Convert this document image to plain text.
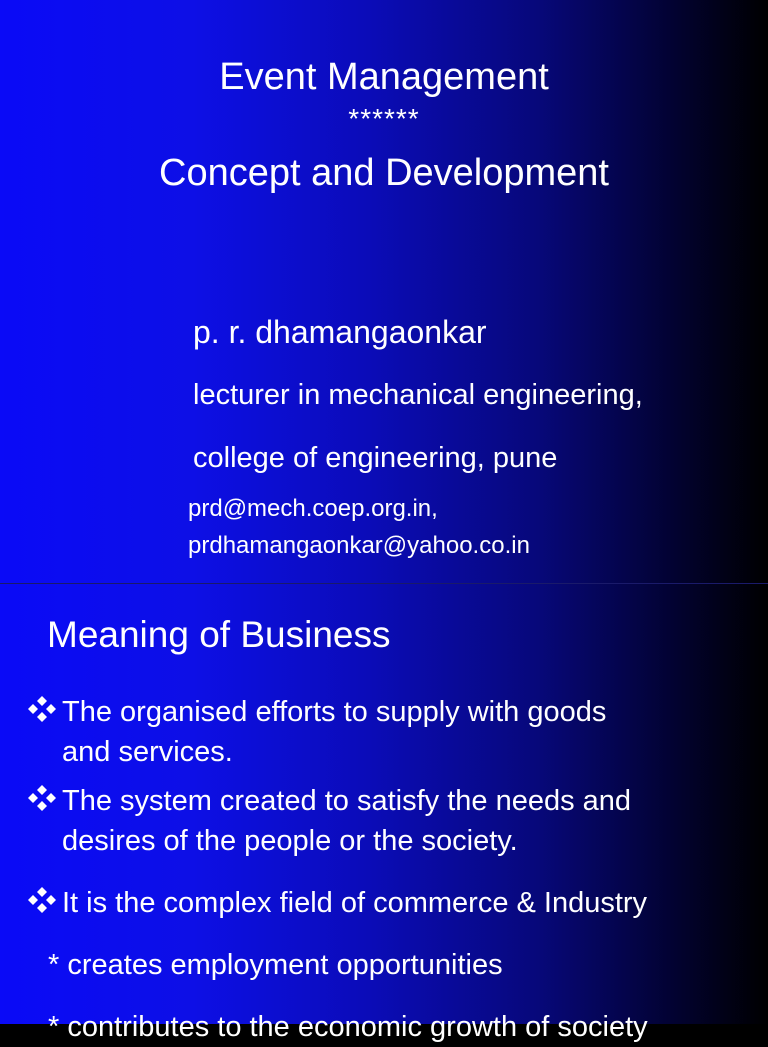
Event Management
******
Concept and Development
p. r. dhamangaonkar
lecturer in mechanical engineering,
college of engineering, pune
prd@mech.coep.org.in,
prdhamangaonkar@yahoo.co.in
Meaning of Business
The organised efforts to supply with goods
and services.
The system created to satisfy the needs and
desires of the people or the society.
It is the complex field of commerce & Industry
* creates employment opportunities
* contributes to the economic growth of society
